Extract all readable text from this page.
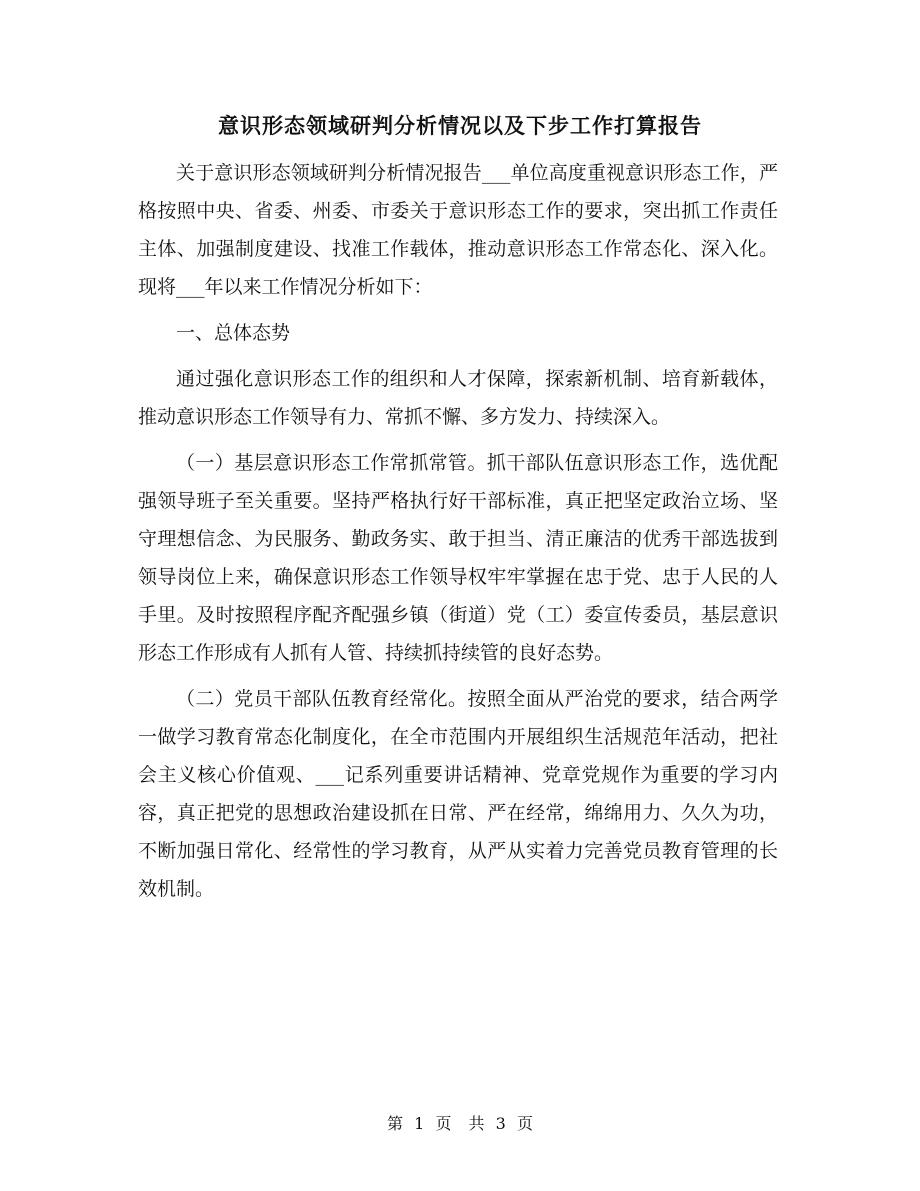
意识形态领域研判分析情况以及下步工作打算报告

关于意识形态领域研判分析情况报告___单位高度重视意识形态工作，严格按照中央、省委、州委、市委关于意识形态工作的要求，突出抓工作责任主体、加强制度建设、找准工作载体，推动意识形态工作常态化、深入化。现将___年以来工作情况分析如下：

一、总体态势

通过强化意识形态工作的组织和人才保障，探索新机制、培育新载体，推动意识形态工作领导有力、常抓不懈、多方发力、持续深入。

（一）基层意识形态工作常抓常管。抓干部队伍意识形态工作，选优配强领导班子至关重要。坚持严格执行好干部标准，真正把坚定政治立场、坚守理想信念、为民服务、勤政务实、敢于担当、清正廉洁的优秀干部选拔到领导岗位上来，确保意识形态工作领导权牢牢掌握在忠于党、忠于人民的人手里。及时按照程序配齐配强乡镇（街道）党（工）委宣传委员，基层意识形态工作形成有人抓有人管、持续抓持续管的良好态势。

（二）党员干部队伍教育经常化。按照全面从严治党的要求，结合两学一做学习教育常态化制度化，在全市范围内开展组织生活规范年活动，把社会主义核心价值观、___记系列重要讲话精神、党章党规作为重要的学习内容，真正把党的思想政治建设抓在日常、严在经常，绵绵用力、久久为功，不断加强日常化、经常性的学习教育，从严从实着力完善党员教育管理的长效机制。

第 1 页 共 3 页
